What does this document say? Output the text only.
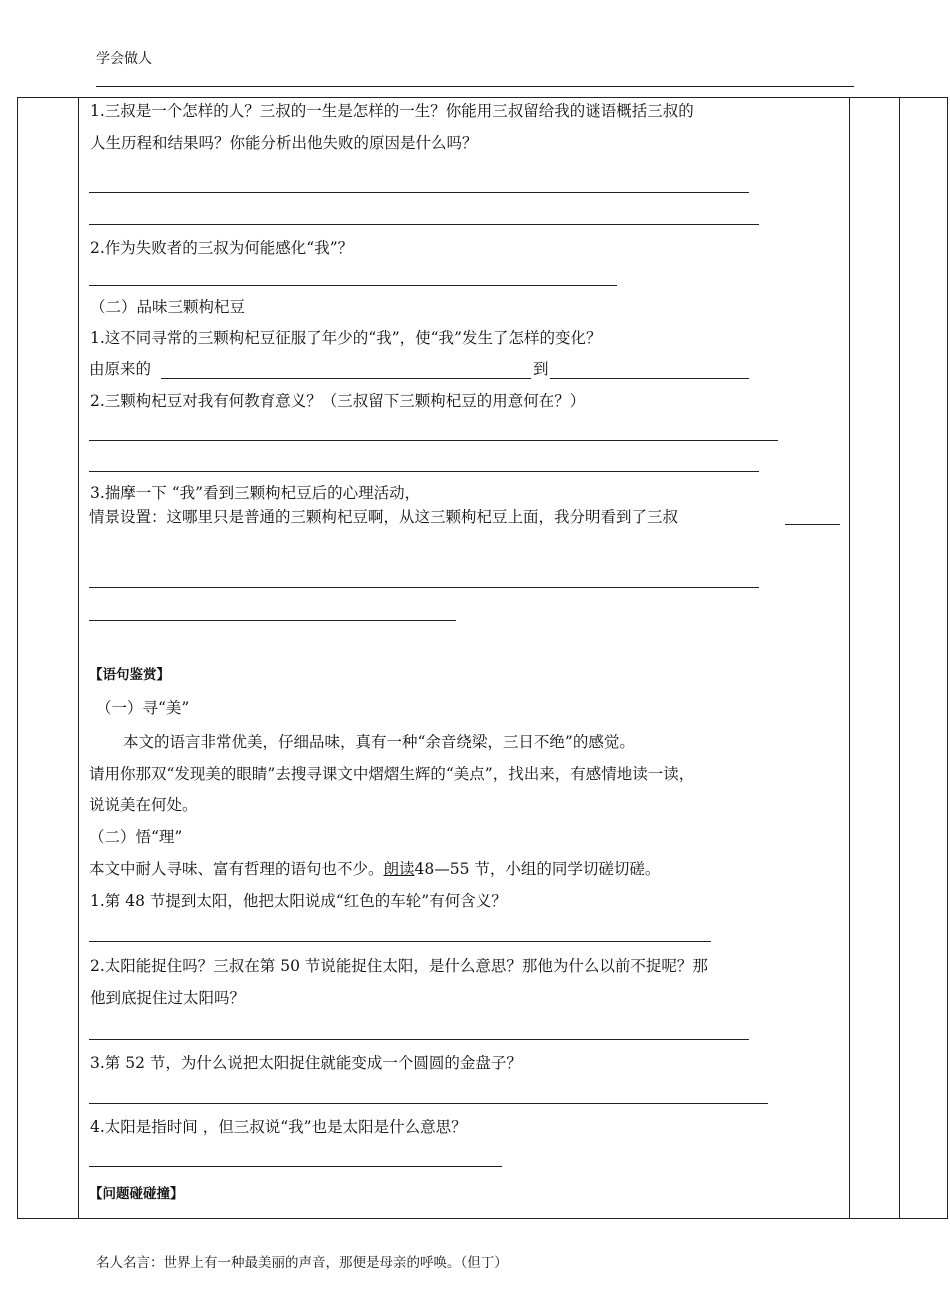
学会做人
1.三叔是一个怎样的人？三叔的一生是怎样的一生？你能用三叔留给我的谜语概括三叔的
人生历程和结果吗？你能分析出他失败的原因是什么吗？
2.作为失败者的三叔为何能感化“我”？
（二）品味三颗枸杞豆
1.这不同寻常的三颗枸杞豆征服了年少的“我”，使“我”发生了怎样的变化？
由原来的	到
2.三颗枸杞豆对我有何教育意义？（三叔留下三颗枸杞豆的用意何在？）
3.揣摩一下 “我”看到三颗枸杞豆后的心理活动，
情景设置：这哪里只是普通的三颗枸杞豆啊，从这三颗枸杞豆上面，我分明看到了三叔
【语句鉴赏】
（一）寻“美”
本文的语言非常优美，仔细品味，真有一种“余音绕梁，三日不绝”的感觉。
请用你那双“发现美的眼睛”去搜寻课文中熠熠生辉的“美点”，找出来，有感情地读一读，
说说美在何处。
（二）悟“理”
本文中耐人寻味、富有哲理的语句也不少。朗读48—55 节，小组的同学切磋切磋。
1.第 48 节提到太阳，他把太阳说成“红色的车轮”有何含义？
2.太阳能捉住吗？三叔在第 50 节说能捉住太阳，是什么意思？那他为什么以前不捉呢？那
他到底捉住过太阳吗？
3.第 52 节，为什么说把太阳捉住就能变成一个圆圆的金盘子？
4.太阳是指时间 ，但三叔说“我”也是太阳是什么意思？
【问题碰碰撞】
名人名言：世界上有一种最美丽的声音，那便是母亲的呼唤。（但丁）
